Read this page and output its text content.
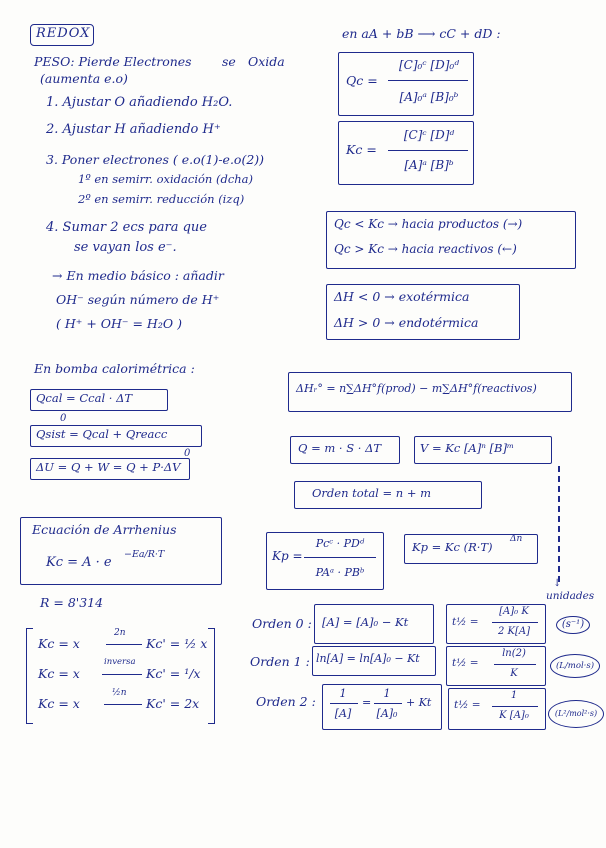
REDOX
PESO: Pierde Electrones se Oxida
(aumenta e.o)
1. Ajustar O añadiendo H₂O.
2. Ajustar H añadiendo H⁺
3. Poner electrones ( e.o(1)-e.o(2))
1º en semirr. oxidación (dcha)
2º en semirr. reducción (izq)
4. Sumar 2 ecs para que
se vayan los e⁻.
→ En medio básico : añadir
OH⁻ según número de H⁺
( H⁺ + OH⁻ = H₂O )
en aA + bB ⟶ cC + dD :
Qc =
[C]₀ᶜ [D]₀ᵈ
[A]₀ᵃ [B]₀ᵇ
Kc =
[C]ᶜ [D]ᵈ
[A]ᵃ [B]ᵇ
Qc < Kc → hacia productos (→)
Qc > Kc → hacia reactivos (←)
ΔH < 0 → exotérmica
ΔH > 0 → endotérmica
ΔHᵣ° = n∑ΔH°f(prod) − m∑ΔH°f(reactivos)
En bomba calorimétrica :
Qcal = Ccal · ΔT
0
Qsist = Qcal + Qreacc
ΔU = Q + W = Q + P·ΔV
0	Q = m · S · ΔT	V = Kc [A]ⁿ [B]ᵐ
Orden total = n + m
↓
unidades
Ecuación de Arrhenius
Kc = A · e
−Ea/R·T
R = 8'314
Kp =
Pcᶜ · PDᵈ
PAᵃ · PBᵇ
Kp = Kc (R·T)
Δn
Kc = x
2n
Kc' = ½ x
Kc = x
inversa
Kc' = ¹/x
Kc = x
½n
Kc' = 2x
Orden 0 : [A] = [A]₀ − Kt	t½ =
[A]₀ K
2 K[A]
(s⁻¹)
Orden 1 : ln[A] = ln[A]₀ − Kt	t½ =
ln(2)
K
(L/mol·s)
Orden 2 :
1
[A]
=
1
[A]₀
+ Kt t½ =
1
K [A]₀	(L²/mol²·s)
